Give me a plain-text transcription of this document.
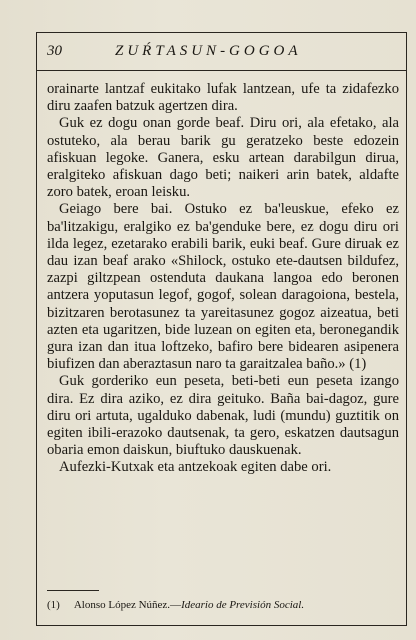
30	ZUŔTASUN-GOGOA

orainarte lantzaf eukitako lufak lantzean, ufe ta zidafezko diru zaafen batzuk agertzen dira.

Guk ez dogu onan gorde beaf. Diru ori, ala efetako, ala ostuteko, ala berau barik gu geratzeko beste edozein afiskuan legoke. Ganera, esku artean darabilgun dirua, eralgiteko afiskuan dago beti; naikeri arin batek, aldafte zoro batek, eroan leisku.

Geiago bere bai. Ostuko ez ba'leuskue, efeko ez ba'litzakigu, eralgiko ez ba'genduke bere, ez dogu diru ori ilda legez, ezetarako erabili barik, euki beaf. Gure diruak ez dau izan beaf arako «Shilock, ostuko ete-dautsen bildufez, zazpi giltzpean ostenduta daukana langoa edo beronen antzera yoputasun legof, gogof, solean daragoiona, bestela, bizitzaren berotasunez ta yareitasunez gogoz aizeatua, beti azten eta ugaritzen, bide luzean on egiten eta, beronegandik gura izan dan itua loftzeko, bafiro bere bidearen asipenera biufizen dan aberaztasun naro ta garaitzalea baño.» (1)

Guk gorderiko eun peseta, beti-beti eun peseta izango dira. Ez dira aziko, ez dira geituko. Baña bai-dagoz, gure diru ori artuta, ugalduko dabenak, ludi (mundu) guztitik on egiten ibili-erazoko dautsenak, ta gero, eskatzen dautsagun obaria emon daiskun, biuftuko dauskuenak.

Aufezki-Kutxak eta antzekoak egiten dabe ori.

(1) Alonso López Núñez.—Ideario de Previsión Social.
